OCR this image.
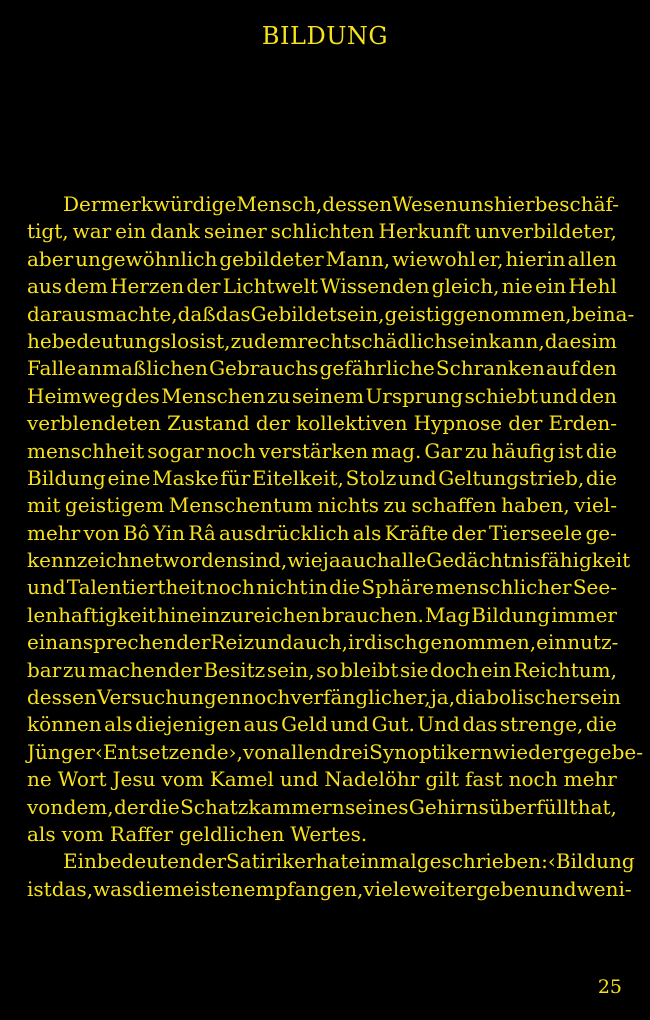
BILDUNG
Der merkwürdige Mensch, dessen Wesen uns hier beschäf-
tigt, war ein dank seiner schlichten Herkunft unverbildeter,
aber ungewöhnlich gebildeter Mann, wiewohl er, hierin allen
aus dem Herzen der Lichtwelt Wissenden gleich, nie ein Hehl
daraus machte, daß das Gebildetsein, geistig genommen, beina-
he bedeutungslos ist, zudem recht schädlich sein kann, da es im
Falle anmaßlichen Gebrauchs gefährliche Schranken auf den
Heimweg des Menschen zu seinem Ursprung schiebt und den
verblendeten Zustand der kollektiven Hypnose der Erden-
menschheit sogar noch verstärken mag. Gar zu häufig ist die
Bildung eine Maske für Eitelkeit, Stolz und Geltungstrieb, die
mit geistigem Menschentum nichts zu schaffen haben, viel-
mehr von Bô Yin Râ ausdrücklich als Kräfte der Tierseele ge-
kennzeichnet worden sind, wie ja auch alle Gedächtnisfähigkeit
und Talentiertheit noch nicht in die Sphäre menschlicher See-
lenhaftigkeit hineinzureichen brauchen. Mag Bildung immer
ein ansprechender Reiz und auch, irdisch genommen, ein nutz-
bar zu machender Besitz sein, so bleibt sie doch ein Reichtum,
dessen Versuchungen noch verfänglicher, ja, diabolischer sein
können als diejenigen aus Geld und Gut. Und das strenge, die
Jünger ‹Entsetzende›, von allen drei Synoptikern wiedergegebe-
ne Wort Jesu vom Kamel und Nadelöhr gilt fast noch mehr
von dem, der die Schatzkammern seines Gehirns überfüllt hat,
als vom Raffer geldlichen Wertes.
Ein bedeutender Satiriker hat einmal geschrieben: ‹Bildung
ist das, was die meisten empfangen, viele weitergeben und weni-
25
